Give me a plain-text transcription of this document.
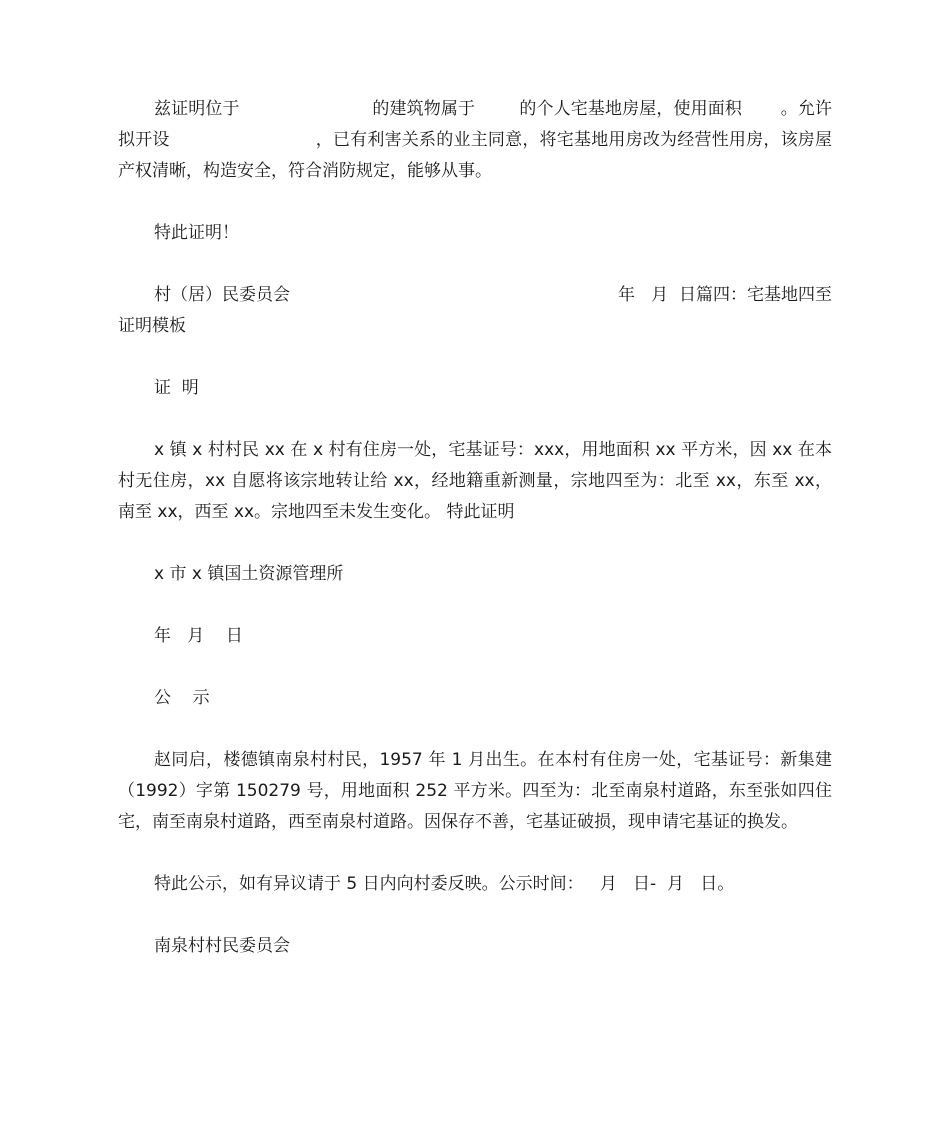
兹证明位于                        的建筑物属于        的个人宅基地房屋，使用面积       。允许         拟开设                          ，已有利害关系的业主同意，将宅基地用房改为经营性用房，该房屋产权清晰，构造安全，符合消防规定，能够从事。

特此证明！

村（居）民委员会	年   月  日篇四：宅基地四至

证明模板

证  明

x 镇 x 村村民 xx 在 x 村有住房一处，宅基证号：xxx，用地面积 xx 平方米，因 xx 在本村无住房，xx 自愿将该宗地转让给 xx，经地籍重新测量，宗地四至为：北至 xx，东至 xx，南至 xx，西至 xx。宗地四至未发生变化。 特此证明

x 市 x 镇国土资源管理所

年   月    日

公    示

赵同启，楼德镇南泉村村民，1957 年 1 月出生。在本村有住房一处，宅基证号：新集建（1992）字第 150279 号，用地面积 252 平方米。四至为：北至南泉村道路，东至张如四住宅，南至南泉村道路，西至南泉村道路。因保存不善，宅基证破损，现申请宅基证的换发。

特此公示，如有异议请于 5 日内向村委反映。公示时间：   月   日-  月   日。

南泉村村民委员会
